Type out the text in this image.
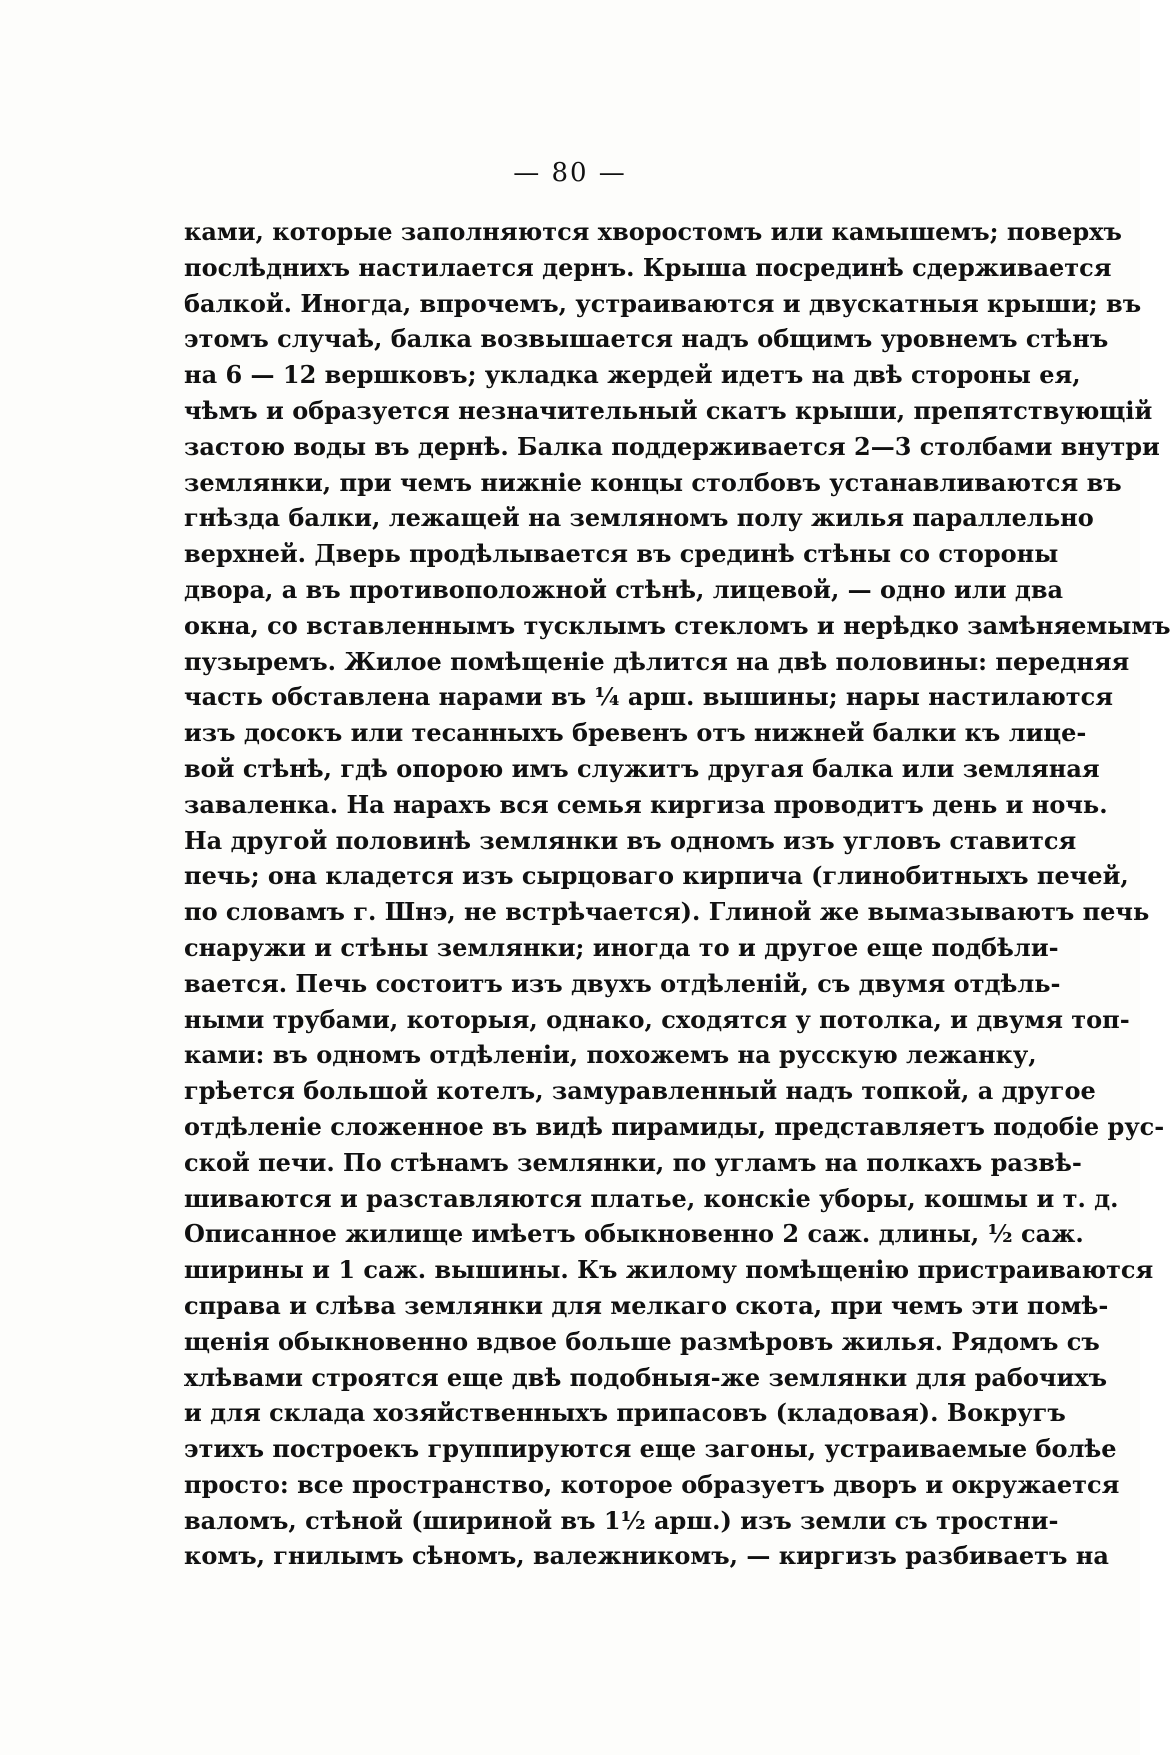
— 80 —
ками, которые заполняются хворостомъ или камышемъ; поверхъ
послѣднихъ настилается дернъ. Крыша посрединѣ сдерживается
балкой. Иногда, впрочемъ, устраиваются и двускатныя крыши; въ
этомъ случаѣ, балка возвышается надъ общимъ уровнемъ стѣнъ
на 6 — 12 вершковъ; укладка жердей идетъ на двѣ стороны ея,
чѣмъ и образуется незначительный скатъ крыши, препятствующій
застою воды въ дернѣ. Балка поддерживается 2—3 столбами внутри
землянки, при чемъ нижніе концы столбовъ устанавливаются въ
гнѣзда балки, лежащей на земляномъ полу жилья параллельно
верхней. Дверь продѣлывается въ срединѣ стѣны со стороны
двора, а въ противоположной стѣнѣ, лицевой, — одно или два
окна, со вставленнымъ тусклымъ стекломъ и нерѣдко замѣняемымъ
пузыремъ. Жилое помѣщеніе дѣлится на двѣ половины: передняя
часть обставлена нарами въ ¼ арш. вышины; нары настилаются
изъ досокъ или тесанныхъ бревенъ отъ нижней балки къ лице-
вой стѣнѣ, гдѣ опорою имъ служитъ другая балка или земляная
заваленка. На нарахъ вся семья киргиза проводитъ день и ночь.
На другой половинѣ землянки въ одномъ изъ угловъ ставится
печь; она кладется изъ сырцоваго кирпича (глинобитныхъ печей,
по словамъ г. Шнэ, не встрѣчается). Глиной же вымазываютъ печь
снаружи и стѣны землянки; иногда то и другое еще подбѣли-
вается. Печь состоитъ изъ двухъ отдѣленій, съ двумя отдѣль-
ными трубами, которыя, однако, сходятся у потолка, и двумя топ-
ками: въ одномъ отдѣленіи, похожемъ на русскую лежанку,
грѣется большой котелъ, замуравленный надъ топкой, а другое
отдѣленіе сложенное въ видѣ пирамиды, представляетъ подобіе рус-
ской печи. По стѣнамъ землянки, по угламъ на полкахъ развѣ-
шиваются и разставляются платье, конскіе уборы, кошмы и т. д.
Описанное жилище имѣетъ обыкновенно 2 саж. длины, ½ саж.
ширины и 1 саж. вышины. Къ жилому помѣщенію пристраиваются
справа и слѣва землянки для мелкаго скота, при чемъ эти помѣ-
щенія обыкновенно вдвое больше размѣровъ жилья. Рядомъ съ
хлѣвами строятся еще двѣ подобныя-же землянки для рабочихъ
и для склада хозяйственныхъ припасовъ (кладовая). Вокругъ
этихъ построекъ группируются еще загоны, устраиваемые болѣе
просто: все пространство, которое образуетъ дворъ и окружается
валомъ, стѣной (шириной въ 1½ арш.) изъ земли съ тростни-
комъ, гнилымъ сѣномъ, валежникомъ, — киргизъ разбиваетъ на
